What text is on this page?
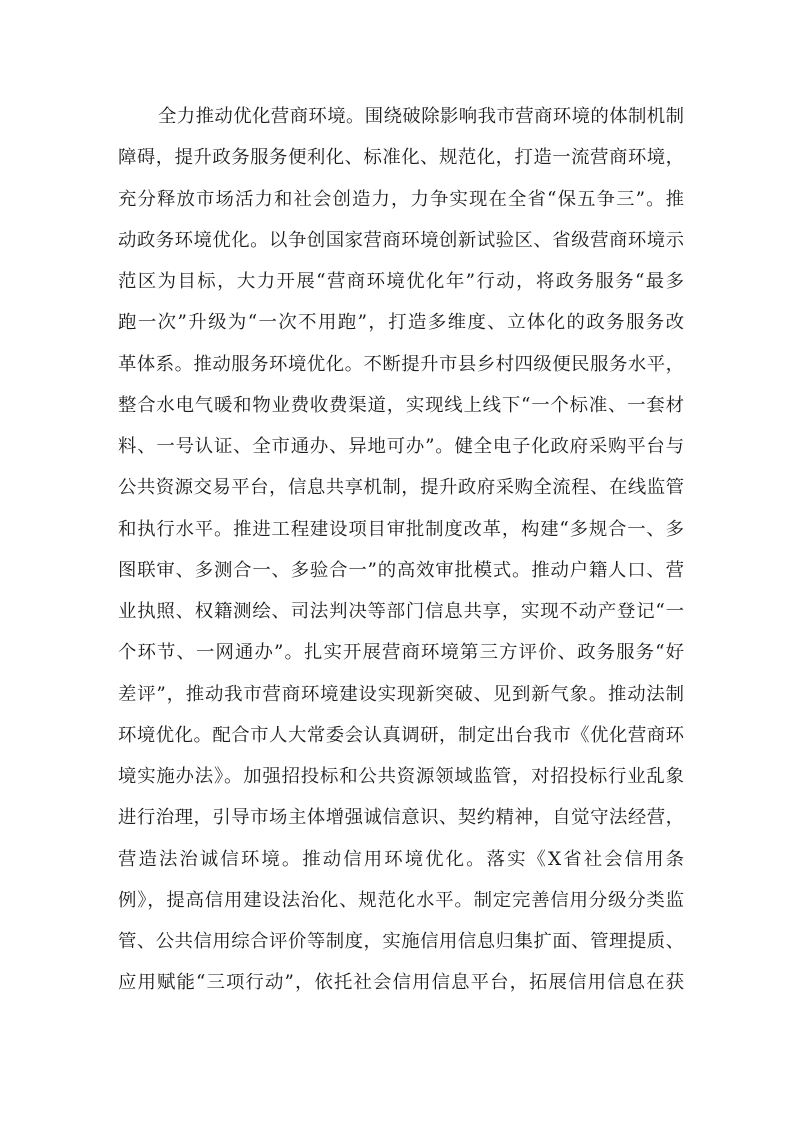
全力推动优化营商环境。围绕破除影响我市营商环境的体制机制
障碍，提升政务服务便利化、标准化、规范化，打造一流营商环境，
充分释放市场活力和社会创造力，力争实现在全省“保五争三”。推
动政务环境优化。以争创国家营商环境创新试验区、省级营商环境示
范区为目标，大力开展“营商环境优化年”行动，将政务服务“最多
跑一次”升级为“一次不用跑”，打造多维度、立体化的政务服务改
革体系。推动服务环境优化。不断提升市县乡村四级便民服务水平，
整合水电气暖和物业费收费渠道，实现线上线下“一个标准、一套材
料、一号认证、全市通办、异地可办”。健全电子化政府采购平台与
公共资源交易平台，信息共享机制，提升政府采购全流程、在线监管
和执行水平。推进工程建设项目审批制度改革，构建“多规合一、多
图联审、多测合一、多验合一”的高效审批模式。推动户籍人口、营
业执照、权籍测绘、司法判决等部门信息共享，实现不动产登记“一
个环节、一网通办”。扎实开展营商环境第三方评价、政务服务“好
差评”，推动我市营商环境建设实现新突破、见到新气象。推动法制
环境优化。配合市人大常委会认真调研，制定出台我市《优化营商环
境实施办法》。加强招投标和公共资源领域监管，对招投标行业乱象
进行治理，引导市场主体增强诚信意识、契约精神，自觉守法经营，
营造法治诚信环境。推动信用环境优化。落实《X省社会信用条
例》，提高信用建设法治化、规范化水平。制定完善信用分级分类监
管、公共信用综合评价等制度，实施信用信息归集扩面、管理提质、
应用赋能“三项行动”，依托社会信用信息平台，拓展信用信息在获
